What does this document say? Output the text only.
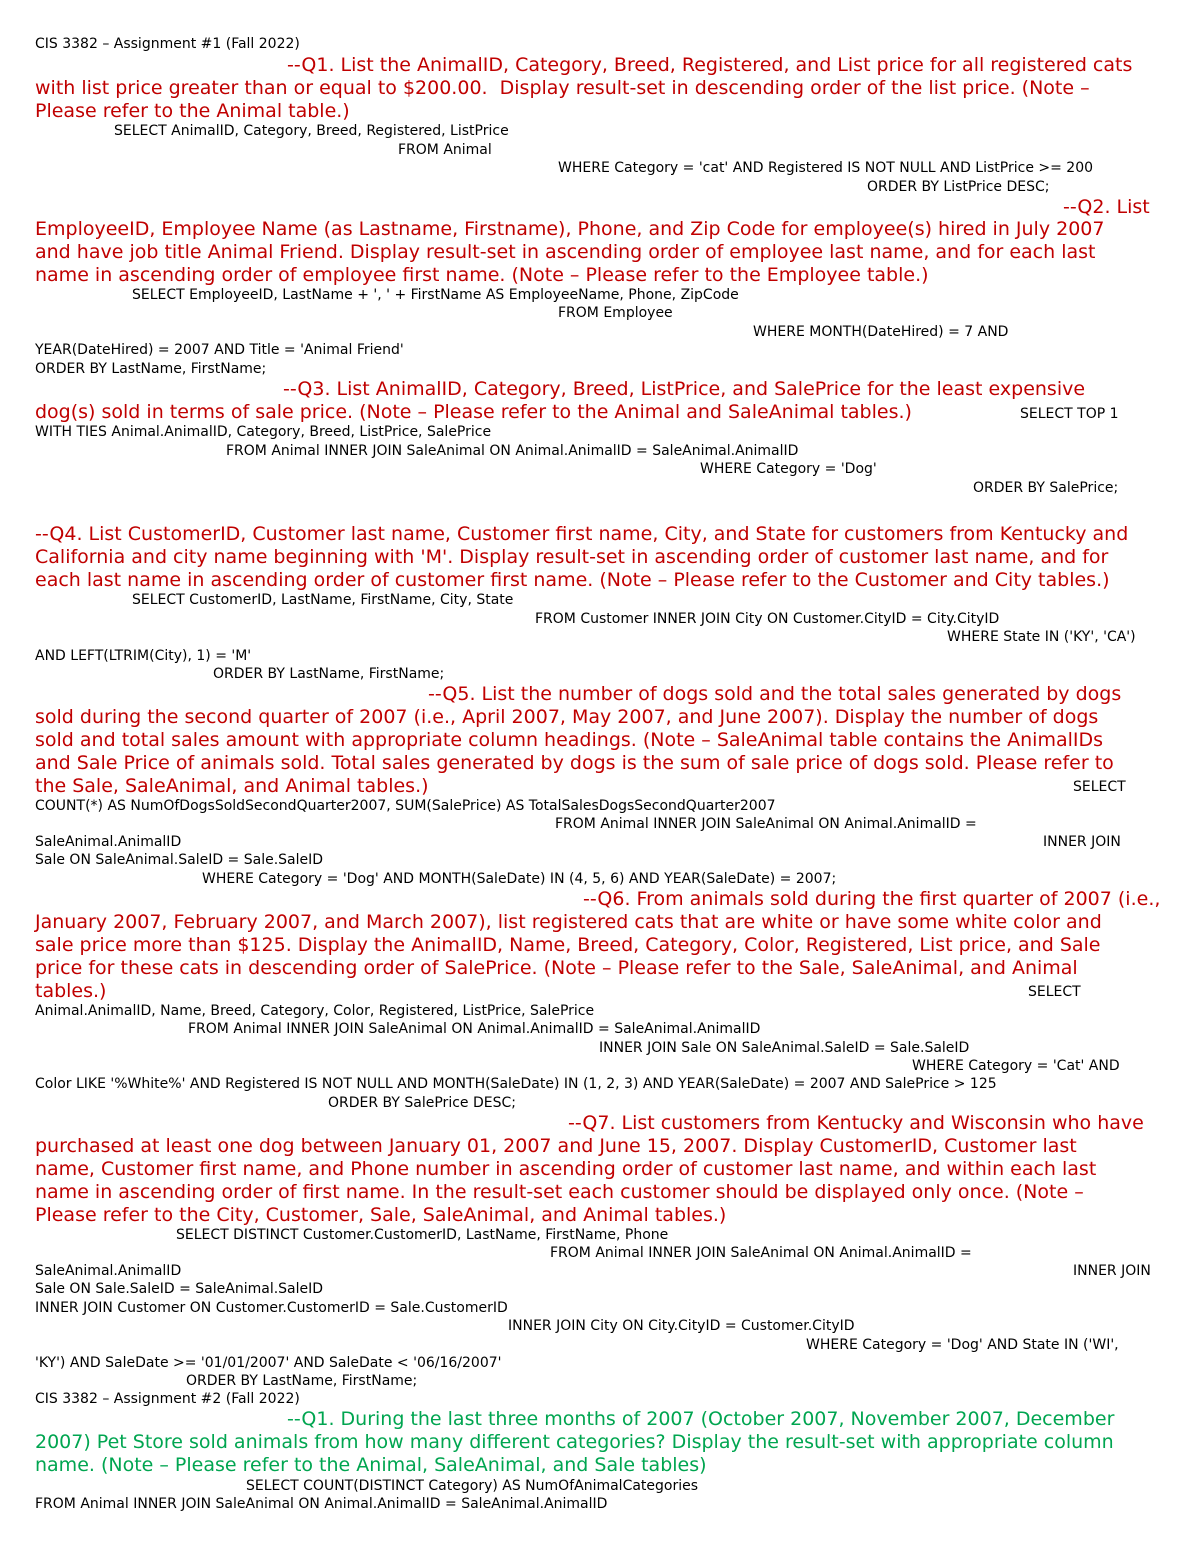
CIS 3382 – Assignment #1 (Fall 2022)
--Q1. List the AnimalID, Category, Breed, Registered, and List price for all registered cats
with list price greater than or equal to $200.00.  Display result-set in descending order of the list price. (Note –
Please refer to the Animal table.)
SELECT AnimalID, Category, Breed, Registered, ListPrice
FROM Animal
WHERE Category = 'cat' AND Registered IS NOT NULL AND ListPrice >= 200
ORDER BY ListPrice DESC;
--Q2. List
EmployeeID, Employee Name (as Lastname, Firstname), Phone, and Zip Code for employee(s) hired in July 2007
and have job title Animal Friend. Display result-set in ascending order of employee last name, and for each last
name in ascending order of employee first name. (Note – Please refer to the Employee table.)
SELECT EmployeeID, LastName + ', ' + FirstName AS EmployeeName, Phone, ZipCode
FROM Employee
WHERE MONTH(DateHired) = 7 AND
YEAR(DateHired) = 2007 AND Title = 'Animal Friend'
ORDER BY LastName, FirstName;
--Q3. List AnimalID, Category, Breed, ListPrice, and SalePrice for the least expensive
dog(s) sold in terms of sale price. (Note – Please refer to the Animal and SaleAnimal tables.)	SELECT TOP 1
WITH TIES Animal.AnimalID, Category, Breed, ListPrice, SalePrice
FROM Animal INNER JOIN SaleAnimal ON Animal.AnimalID = SaleAnimal.AnimalID
WHERE Category = 'Dog'
ORDER BY SalePrice;
--Q4. List CustomerID, Customer last name, Customer first name, City, and State for customers from Kentucky and
California and city name beginning with 'M'. Display result-set in ascending order of customer last name, and for
each last name in ascending order of customer first name. (Note – Please refer to the Customer and City tables.)
SELECT CustomerID, LastName, FirstName, City, State
FROM Customer INNER JOIN City ON Customer.CityID = City.CityID
WHERE State IN ('KY', 'CA')
AND LEFT(LTRIM(City), 1) = 'M'
ORDER BY LastName, FirstName;
--Q5. List the number of dogs sold and the total sales generated by dogs
sold during the second quarter of 2007 (i.e., April 2007, May 2007, and June 2007). Display the number of dogs
sold and total sales amount with appropriate column headings. (Note – SaleAnimal table contains the AnimalIDs
and Sale Price of animals sold. Total sales generated by dogs is the sum of sale price of dogs sold. Please refer to
the Sale, SaleAnimal, and Animal tables.)	SELECT
COUNT(*) AS NumOfDogsSoldSecondQuarter2007, SUM(SalePrice) AS TotalSalesDogsSecondQuarter2007
FROM Animal INNER JOIN SaleAnimal ON Animal.AnimalID =
SaleAnimal.AnimalID	INNER JOIN
Sale ON SaleAnimal.SaleID = Sale.SaleID
WHERE Category = 'Dog' AND MONTH(SaleDate) IN (4, 5, 6) AND YEAR(SaleDate) = 2007;
--Q6. From animals sold during the first quarter of 2007 (i.e.,
January 2007, February 2007, and March 2007), list registered cats that are white or have some white color and
sale price more than $125. Display the AnimalID, Name, Breed, Category, Color, Registered, List price, and Sale
price for these cats in descending order of SalePrice. (Note – Please refer to the Sale, SaleAnimal, and Animal
tables.)	SELECT
Animal.AnimalID, Name, Breed, Category, Color, Registered, ListPrice, SalePrice
FROM Animal INNER JOIN SaleAnimal ON Animal.AnimalID = SaleAnimal.AnimalID
INNER JOIN Sale ON SaleAnimal.SaleID = Sale.SaleID
WHERE Category = 'Cat' AND
Color LIKE '%White%' AND Registered IS NOT NULL AND MONTH(SaleDate) IN (1, 2, 3) AND YEAR(SaleDate) = 2007 AND SalePrice > 125
ORDER BY SalePrice DESC;
--Q7. List customers from Kentucky and Wisconsin who have
purchased at least one dog between January 01, 2007 and June 15, 2007. Display CustomerID, Customer last
name, Customer first name, and Phone number in ascending order of customer last name, and within each last
name in ascending order of first name. In the result-set each customer should be displayed only once. (Note –
Please refer to the City, Customer, Sale, SaleAnimal, and Animal tables.)
SELECT DISTINCT Customer.CustomerID, LastName, FirstName, Phone
FROM Animal INNER JOIN SaleAnimal ON Animal.AnimalID =
SaleAnimal.AnimalID	INNER JOIN
Sale ON Sale.SaleID = SaleAnimal.SaleID
INNER JOIN Customer ON Customer.CustomerID = Sale.CustomerID
INNER JOIN City ON City.CityID = Customer.CityID
WHERE Category = 'Dog' AND State IN ('WI',
'KY') AND SaleDate >= '01/01/2007' AND SaleDate < '06/16/2007'
ORDER BY LastName, FirstName;
CIS 3382 – Assignment #2 (Fall 2022)
--Q1. During the last three months of 2007 (October 2007, November 2007, December
2007) Pet Store sold animals from how many different categories? Display the result-set with appropriate column
name. (Note – Please refer to the Animal, SaleAnimal, and Sale tables)
SELECT COUNT(DISTINCT Category) AS NumOfAnimalCategories
FROM Animal INNER JOIN SaleAnimal ON Animal.AnimalID = SaleAnimal.AnimalID
